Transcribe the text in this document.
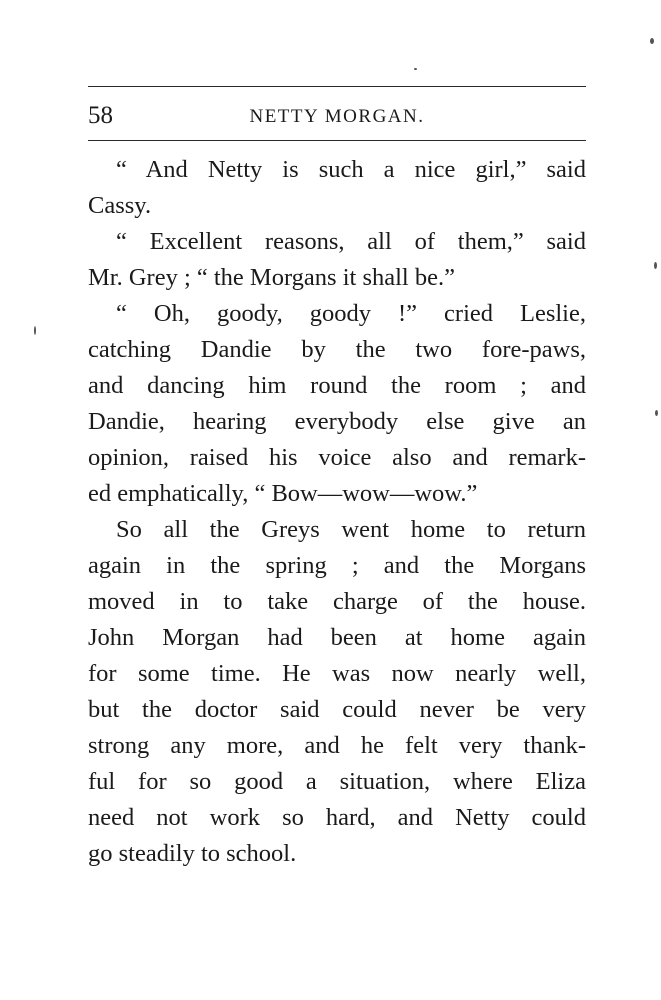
58	NETTY MORGAN.
“ And Netty is such a nice girl,” said
Cassy.
“ Excellent reasons, all of them,” said
Mr. Grey ; “ the Morgans it shall be.”
“ Oh, goody, goody !” cried Leslie,
catching Dandie by the two fore-paws,
and dancing him round the room ; and
Dandie, hearing everybody else give an
opinion, raised his voice also and remark-
ed emphatically, “ Bow—wow—wow.”
So all the Greys went home to return
again in the spring ; and the Morgans
moved in to take charge of the house.
John Morgan had been at home again
for some time. He was now nearly well,
but the doctor said could never be very
strong any more, and he felt very thank-
ful for so good a situation, where Eliza
need not work so hard, and Netty could
go steadily to school.
